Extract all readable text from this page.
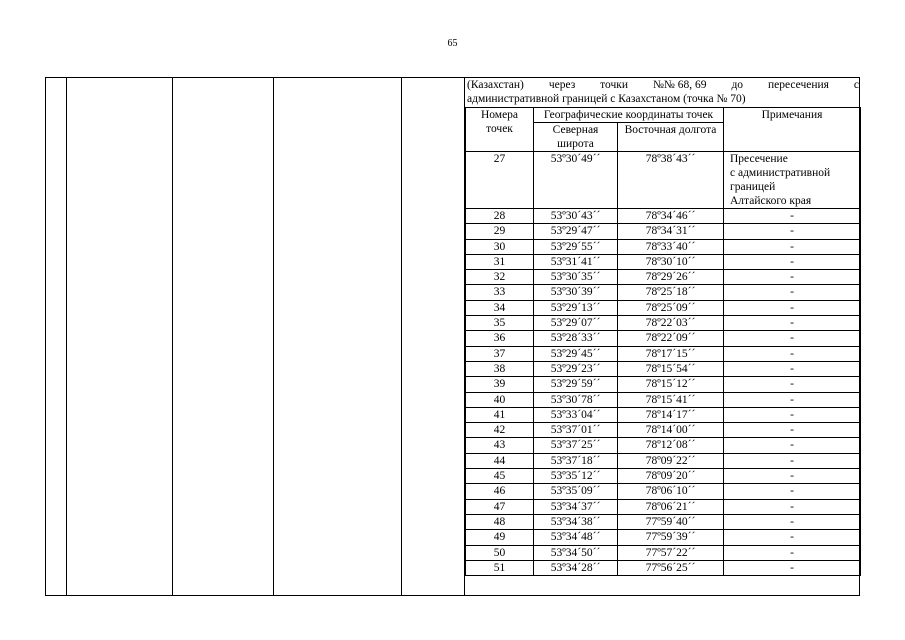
65
(Казахстан) через точки №№ 68, 69 до пересечения с
административной границей с Казахстаном (точка № 70)
Номера точек	Географические координаты точек		Примечания
	Северная широта	Восточная долгота	
27	53º30´49´´	78º38´43´´	Пресечение
с административной
границей
Алтайского края

28	53º30´43´´	78º34´46´´	-
29	53º29´47´´	78º34´31´´	-
30	53º29´55´´	78º33´40´´	-
31	53º31´41´´	78º30´10´´	-
32	53º30´35´´	78º29´26´´	-
33	53º30´39´´	78º25´18´´	-
34	53º29´13´´	78º25´09´´	-
35	53º29´07´´	78º22´03´´	-
36	53º28´33´´	78º22´09´´	-
37	53º29´45´´	78º17´15´´	-
38	53º29´23´´	78º15´54´´	-
39	53º29´59´´	78º15´12´´	-
40	53º30´78´´	78º15´41´´	-
41	53º33´04´´	78º14´17´´	-
42	53º37´01´´	78º14´00´´	-
43	53º37´25´´	78º12´08´´	-
44	53º37´18´´	78º09´22´´	-
45	53º35´12´´	78º09´20´´	-
46	53º35´09´´	78º06´10´´	-
47	53º34´37´´	78º06´21´´	-
48	53º34´38´´	77º59´40´´	-
49	53º34´48´´	77º59´39´´	-
50	53º34´50´´	77º57´22´´	-
51	53º34´28´´	77º56´25´´	-
